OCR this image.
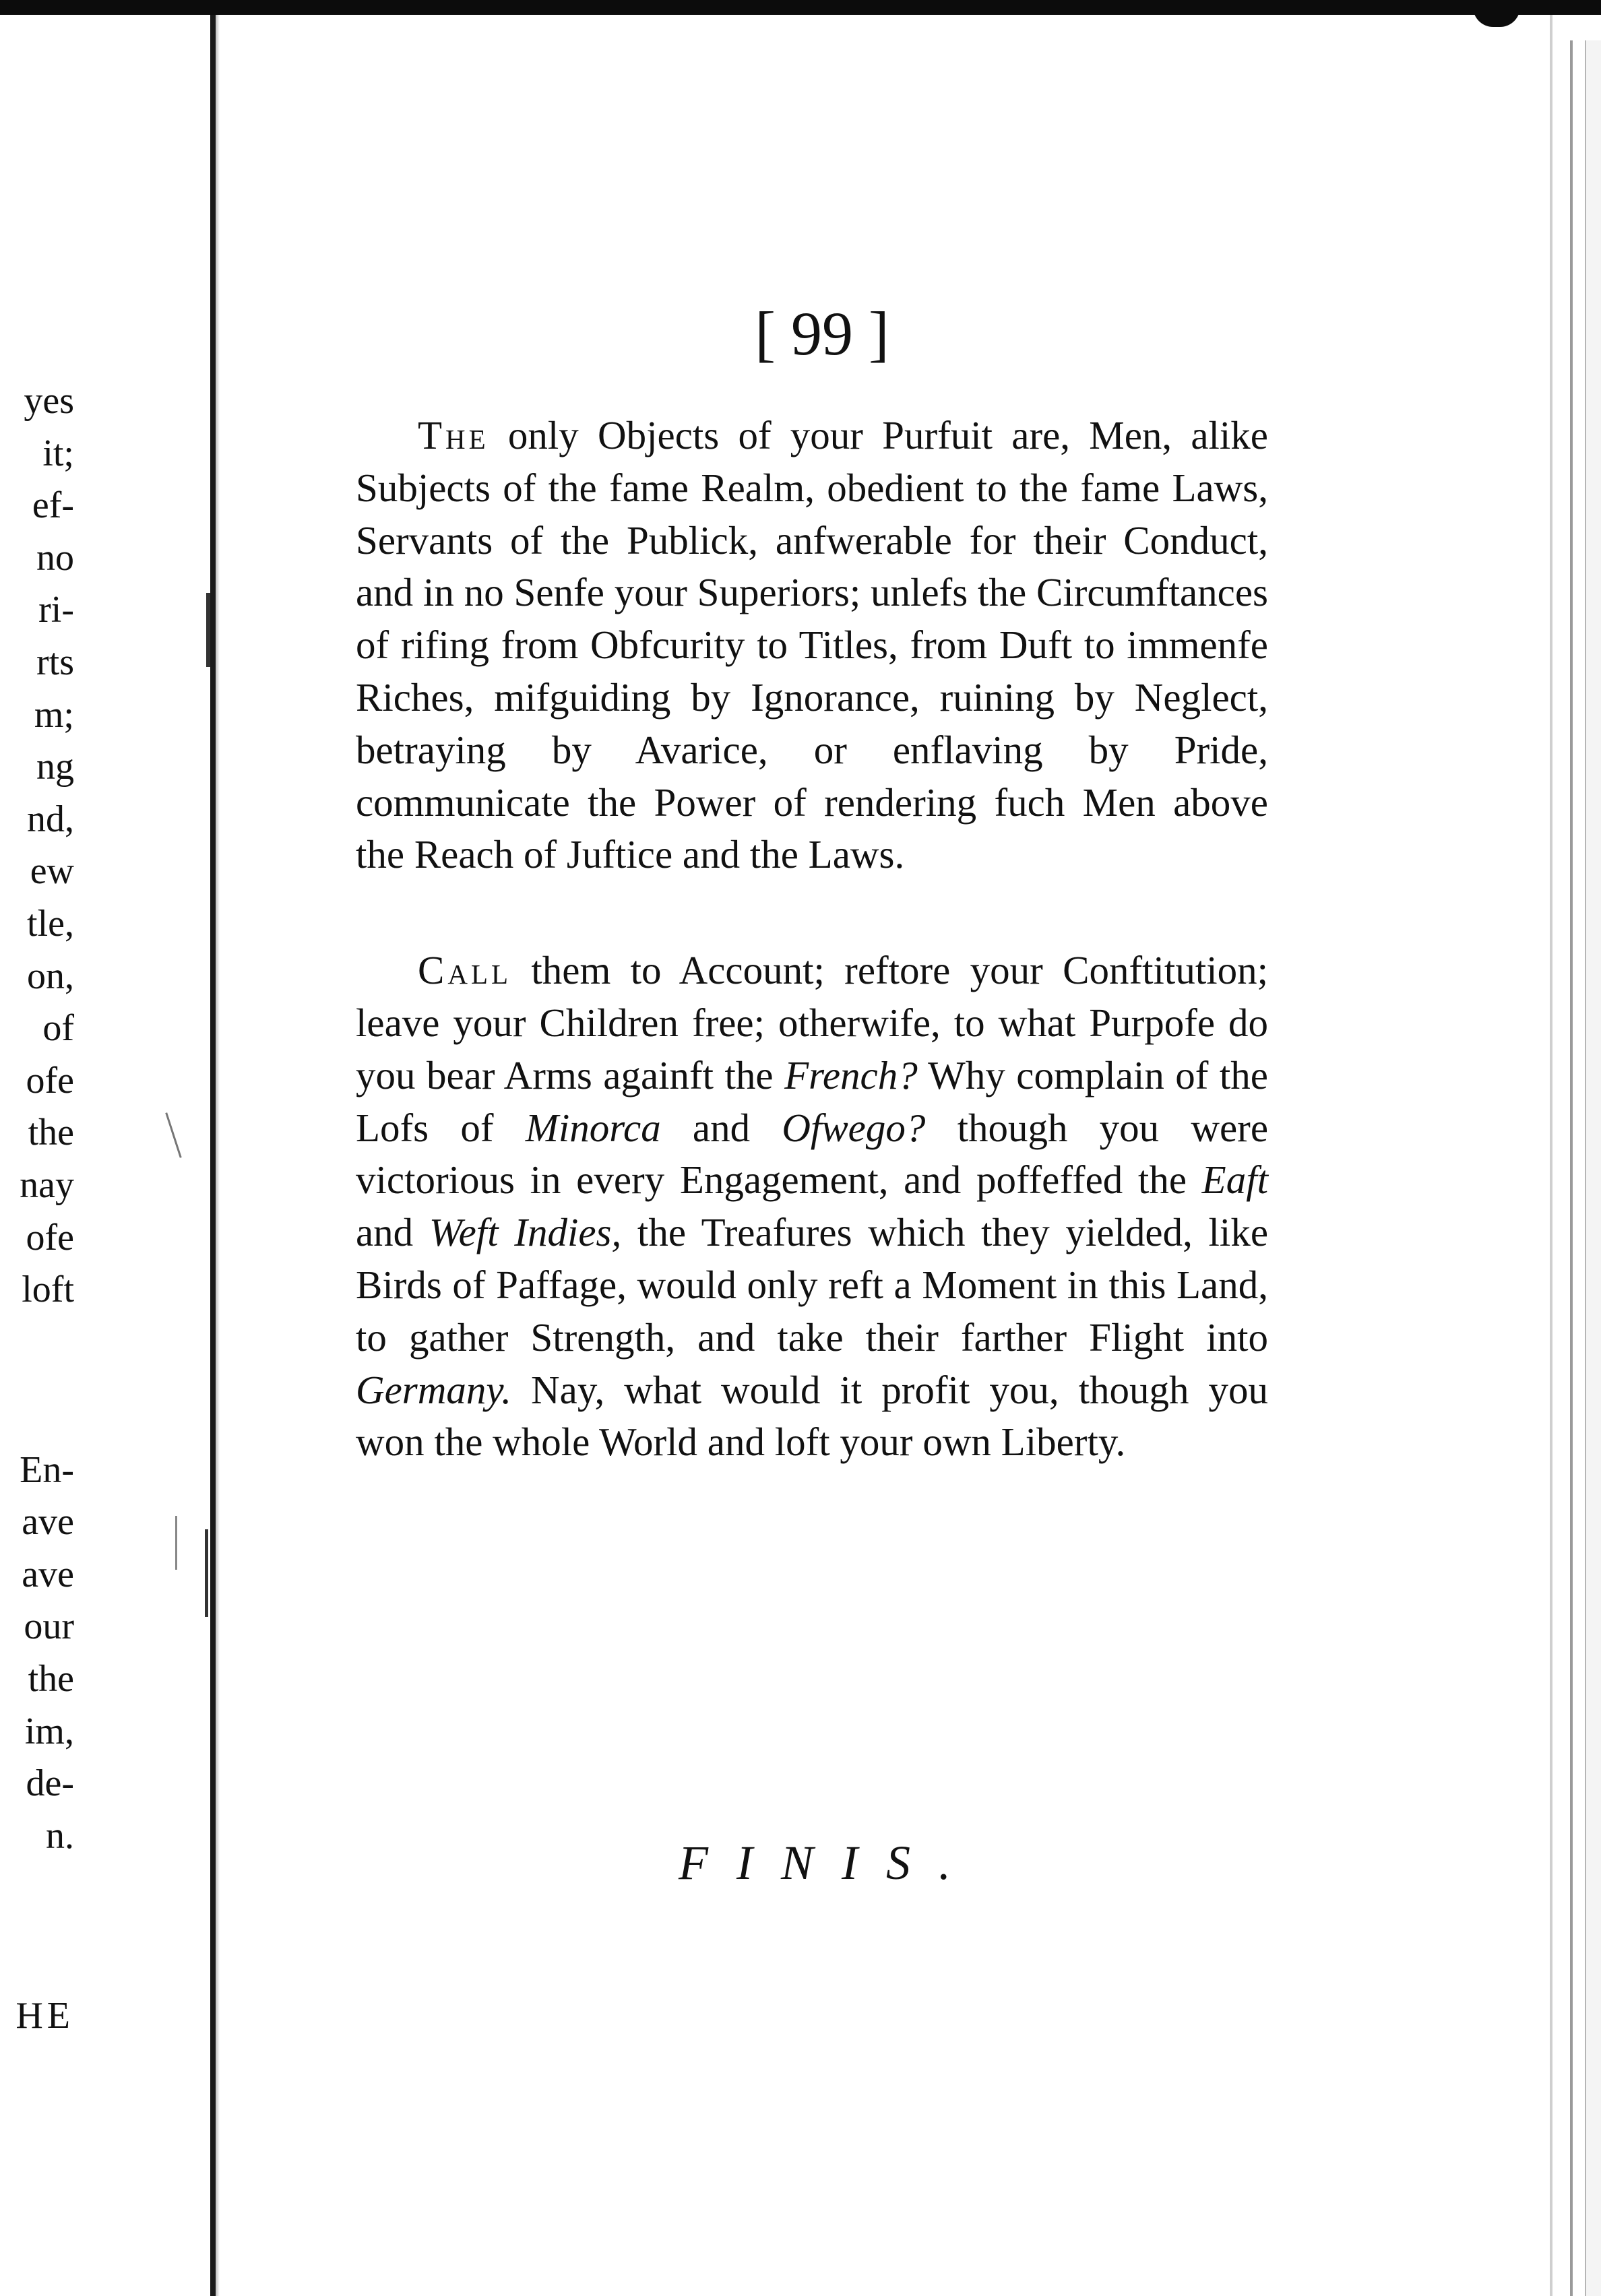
yes
it;
ef-
no
ri-
rts
m;
ng
nd,
ew
tle,
on,
of
ofe
the
nay
ofe
loft
En-
ave
ave
our
the
im,
de-
n.
HE
[ 99 ]

The only Objects of your Purfuit are, Men, alike Subjects of the fame Realm, obedient to the fame Laws, Servants of the Publick, anfwerable for their Conduct, and in no Senfe your Superiors; unlefs the Circumftances of rifing from Obfcurity to Titles, from Duft to immenfe Riches, mifguiding by Ignorance, ruining by Neglect, betraying by Avarice, or enflaving by Pride, communicate the Power of rendering fuch Men above the Reach of Juftice and the Laws.

Call them to Account; reftore your Conftitution; leave your Children free; otherwife, to what Purpofe do you bear Arms againft the French? Why complain of the Lofs of Minorca and Ofwego? though you were victorious in every Engagement, and poffeffed the Eaft and Weft Indies, the Treafures which they yielded, like Birds of Paffage, would only reft a Moment in this Land, to gather Strength, and take their farther Flight into Germany. Nay, what would it profit you, though you won the whole World and loft your own Liberty.

FINIS.
